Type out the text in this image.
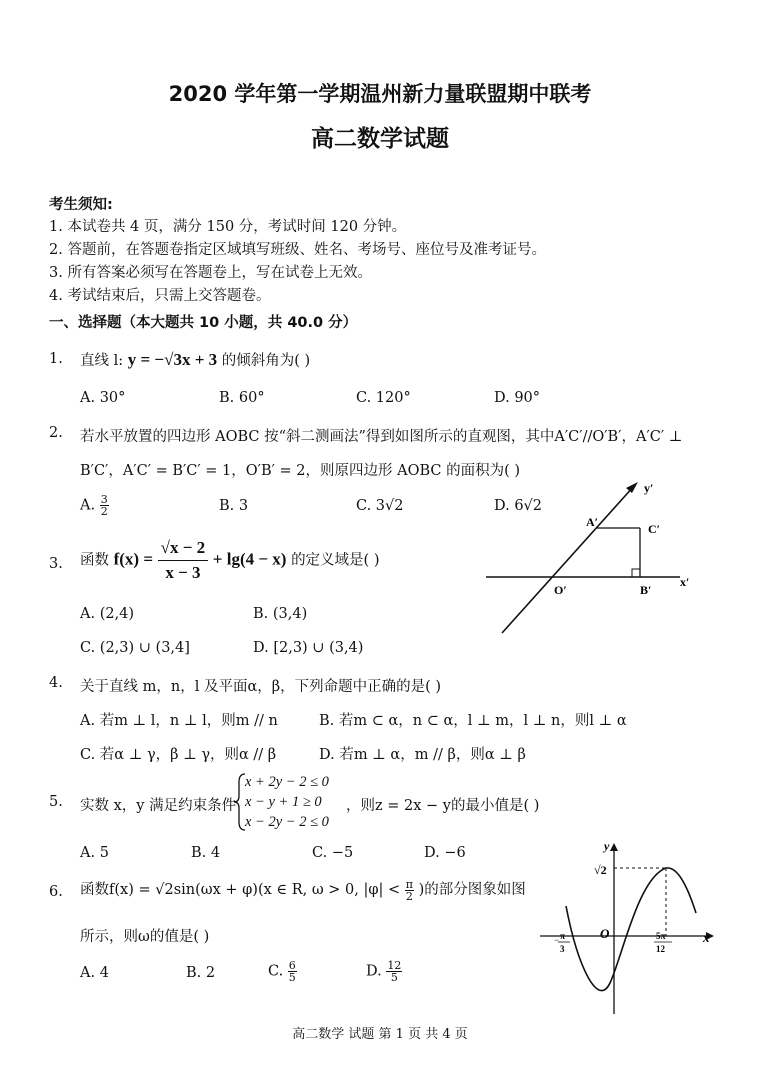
2020 学年第一学期温州新力量联盟期中联考
高二数学试题
考生须知:
1. 本试卷共 4 页，满分 150 分，考试时间 120 分钟。
2. 答题前，在答题卷指定区域填写班级、姓名、考场号、座位号及准考证号。
3. 所有答案必须写在答题卷上，写在试卷上无效。
4. 考试结束后，只需上交答题卷。
一、选择题（本大题共 10 小题，共 40.0 分）
1. 直线 l: y = −√3x + 3 的倾斜角为( )
A. 30°	B. 60°	C. 120°	D. 90°
2. 若水平放置的四边形 AOBC 按“斜二测画法”得到如图所示的直观图，其中A′C′//O′B′，A′C′ ⊥
B′C′，A′C′ = B′C′ = 1，O′B′ = 2，则原四边形 AOBC 的面积为( )
A. $\frac{3}{2}$	B. 3	C. 3√2	D. 6√2
y′
x′
O′
A′
B′
C′
3. 函数 $f(x) = \frac{√x - 2}{x - 3} + \lg(4 - x)$ 的定义域是( )
A. (2,4)	B. (3,4)
C. (2,3) ∪ (3,4]	D. [2,3) ∪ (3,4)
4. 关于直线 m，n，l 及平面α，β，下列命题中正确的是( )
A. 若m ⊥ l，n ⊥ l，则m // n	B. 若m ⊂ α，n ⊂ α，l ⊥ m，l ⊥ n，则l ⊥ α
C. 若α ⊥ γ，β ⊥ γ，则α // β	D. 若m ⊥ α，m // β，则α ⊥ β
5. 实数 x，y 满足约束条件
x + 2y − 2 ≤ 0
x − y + 1 ≥ 0
x − 2y − 2 ≤ 0
，则z = 2x − y的最小值是( )
A. 5	B. 4	C. −5	D. −6
6. 函数f(x) = √2sin(ωx + φ)(x ∈ R, ω > 0, $|\varphi| < \frac{\pi}{2}$ )的部分图象如图
所示，则ω的值是( )
A. 4	B. 2	C. $\frac{6}{5}$	D. $\frac{12}{5}$
y
x
O
√2
− π
3
5π
12
高二数学 试题 第 1 页 共 4 页
